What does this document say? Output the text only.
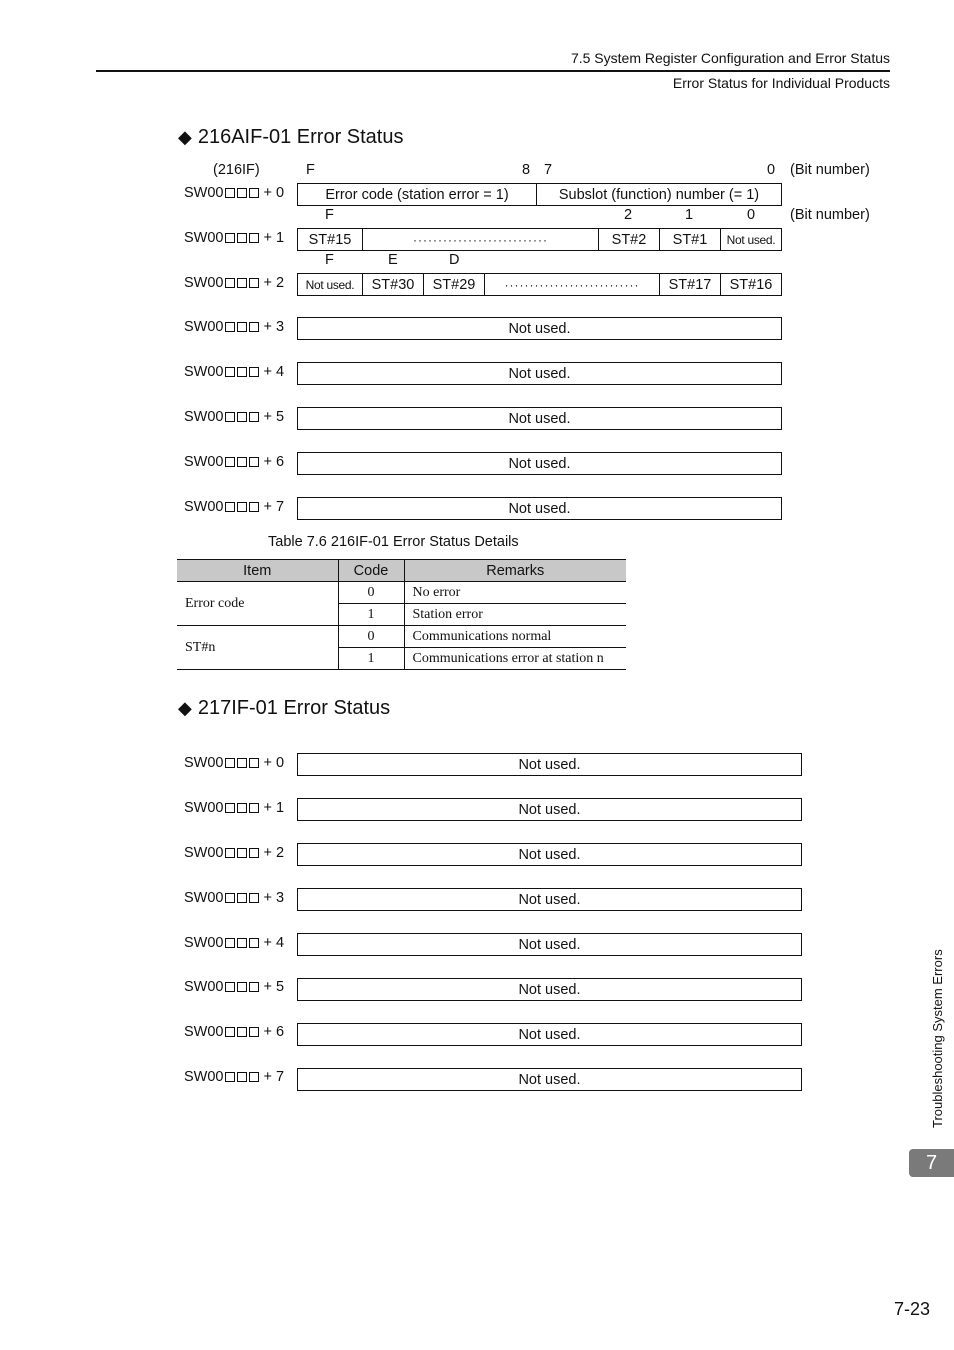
7.5 System Register Configuration and Error Status
Error Status for Individual Products
◆ 216AIF-01 Error Status
(216IF)	F	8 7	0 (Bit number)
SW00	+ 0	Error code (station error = 1)	Subslot (function) number (= 1)
F	2	1	0 (Bit number)
SW00	+ 1	ST#15	···························	ST#2	ST#1	Not used.
F	E	D
SW00	+ 2	Not used.	ST#30	ST#29	···························	ST#17	ST#16
SW00	+ 3	Not used.
SW00	+ 4	Not used.
SW00	+ 5	Not used.
SW00	+ 6	Not used.
SW00	+ 7	Not used.
Table 7.6 216IF-01 Error Status Details
Item	Code	Remarks
Error code	0	No error
	1	Station error
ST#n	0	Communications normal
	1	Communications error at station n
◆ 217IF-01 Error Status
SW00	+ 0	Not used.
SW00	+ 1	Not used.
SW00	+ 2	Not used.
SW00	+ 3	Not used.
SW00	+ 4	Not used.
SW00	+ 5	Not used.
SW00	+ 6	Not used.
SW00	+ 7	Not used.	Troubleshooting System Errors
7
7-23
